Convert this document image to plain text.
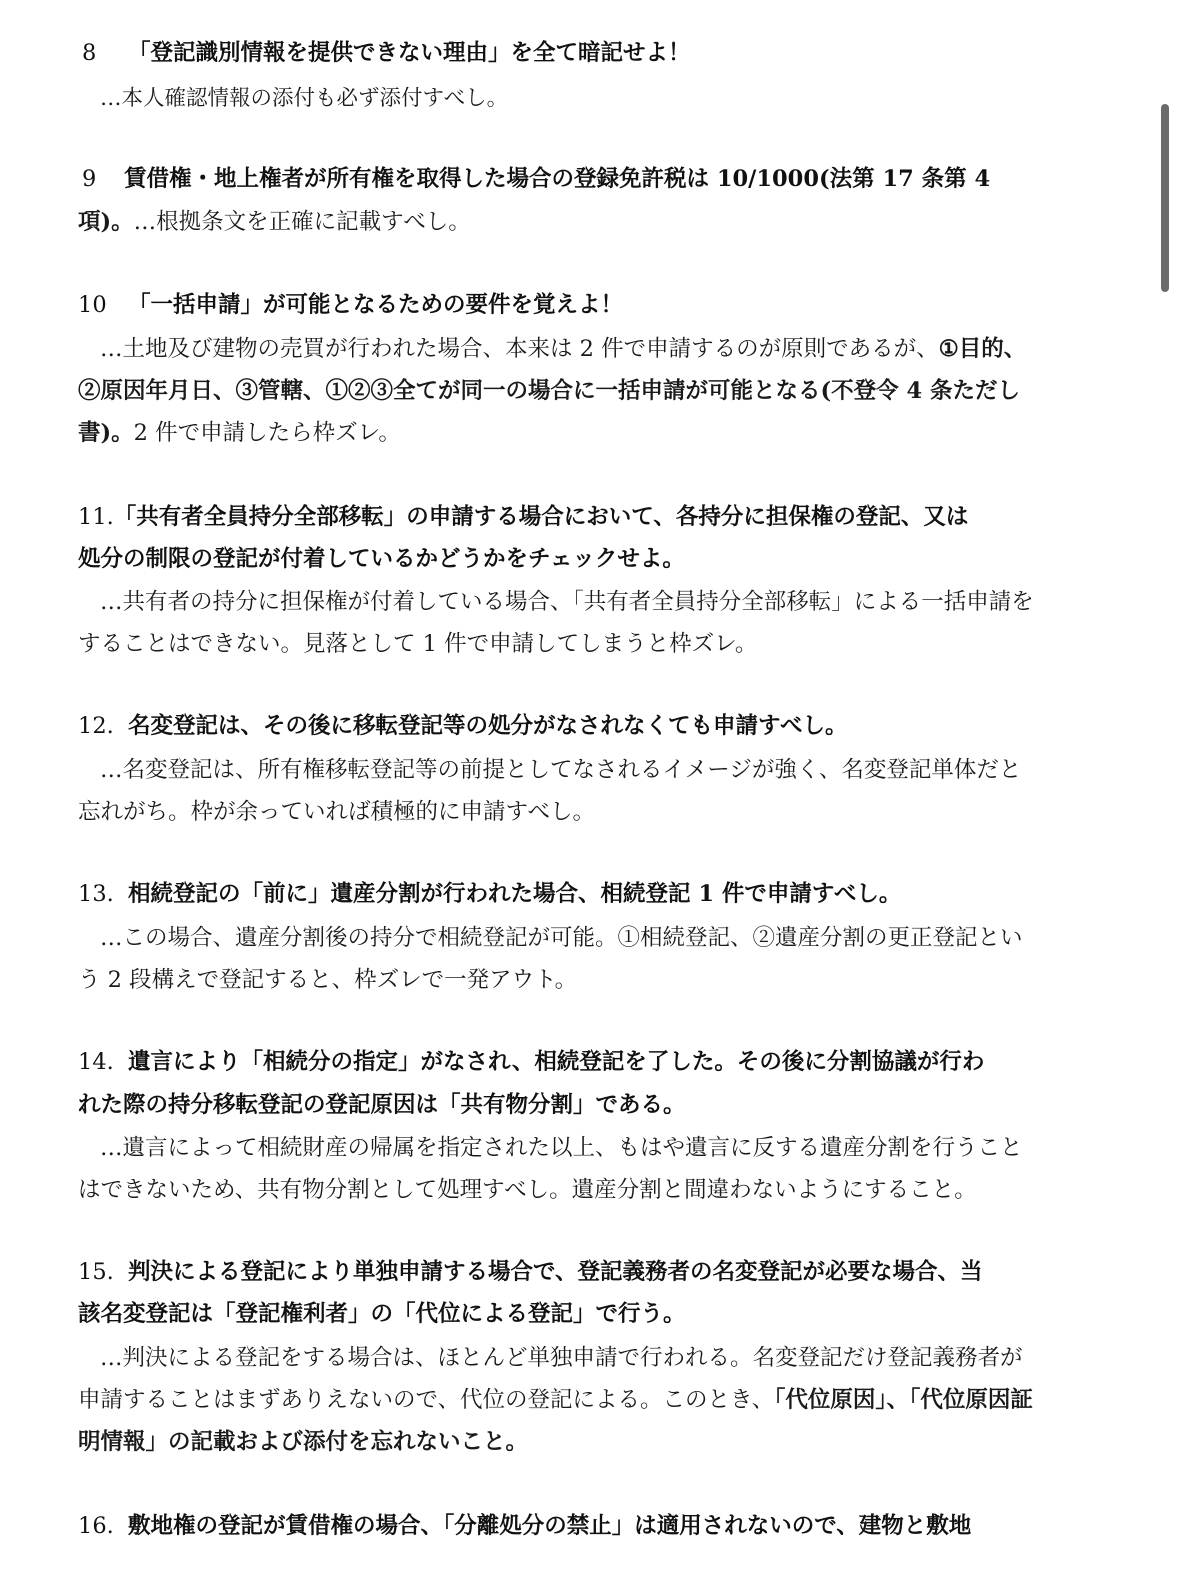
8 「登記識別情報を提供できない理由」を全て暗記せよ！

…本人確認情報の添付も必ず添付すべし。

9 賃借権・地上権者が所有権を取得した場合の登録免許税は 10/1000(法第 17 条第 4

項)。…根拠条文を正確に記載すべし。

10 「一括申請」が可能となるための要件を覚えよ！

…土地及び建物の売買が行われた場合、本来は 2 件で申請するのが原則であるが、①目的、

②原因年月日、③管轄、①②③全てが同一の場合に一括申請が可能となる(不登令 4 条ただし

書)。2 件で申請したら枠ズレ。

11.「共有者全員持分全部移転」の申請する場合において、各持分に担保権の登記、又は

処分の制限の登記が付着しているかどうかをチェックせよ。

…共有者の持分に担保権が付着している場合、「共有者全員持分全部移転」による一括申請を

することはできない。見落として 1 件で申請してしまうと枠ズレ。

12. 名変登記は、その後に移転登記等の処分がなされなくても申請すべし。

…名変登記は、所有権移転登記等の前提としてなされるイメージが強く、名変登記単体だと

忘れがち。枠が余っていれば積極的に申請すべし。

13. 相続登記の「前に」遺産分割が行われた場合、相続登記 1 件で申請すべし。

…この場合、遺産分割後の持分で相続登記が可能。①相続登記、②遺産分割の更正登記とい

う 2 段構えで登記すると、枠ズレで一発アウト。

14. 遺言により「相続分の指定」がなされ、相続登記を了した。その後に分割協議が行わ

れた際の持分移転登記の登記原因は「共有物分割」である。

…遺言によって相続財産の帰属を指定された以上、もはや遺言に反する遺産分割を行うこと

はできないため、共有物分割として処理すべし。遺産分割と間違わないようにすること。

15. 判決による登記により単独申請する場合で、登記義務者の名変登記が必要な場合、当

該名変登記は「登記権利者」の「代位による登記」で行う。

…判決による登記をする場合は、ほとんど単独申請で行われる。名変登記だけ登記義務者が

申請することはまずありえないので、代位の登記による。このとき、「代位原因」、「代位原因証

明情報」の記載および添付を忘れないこと。

16. 敷地権の登記が賃借権の場合、「分離処分の禁止」は適用されないので、建物と敷地
